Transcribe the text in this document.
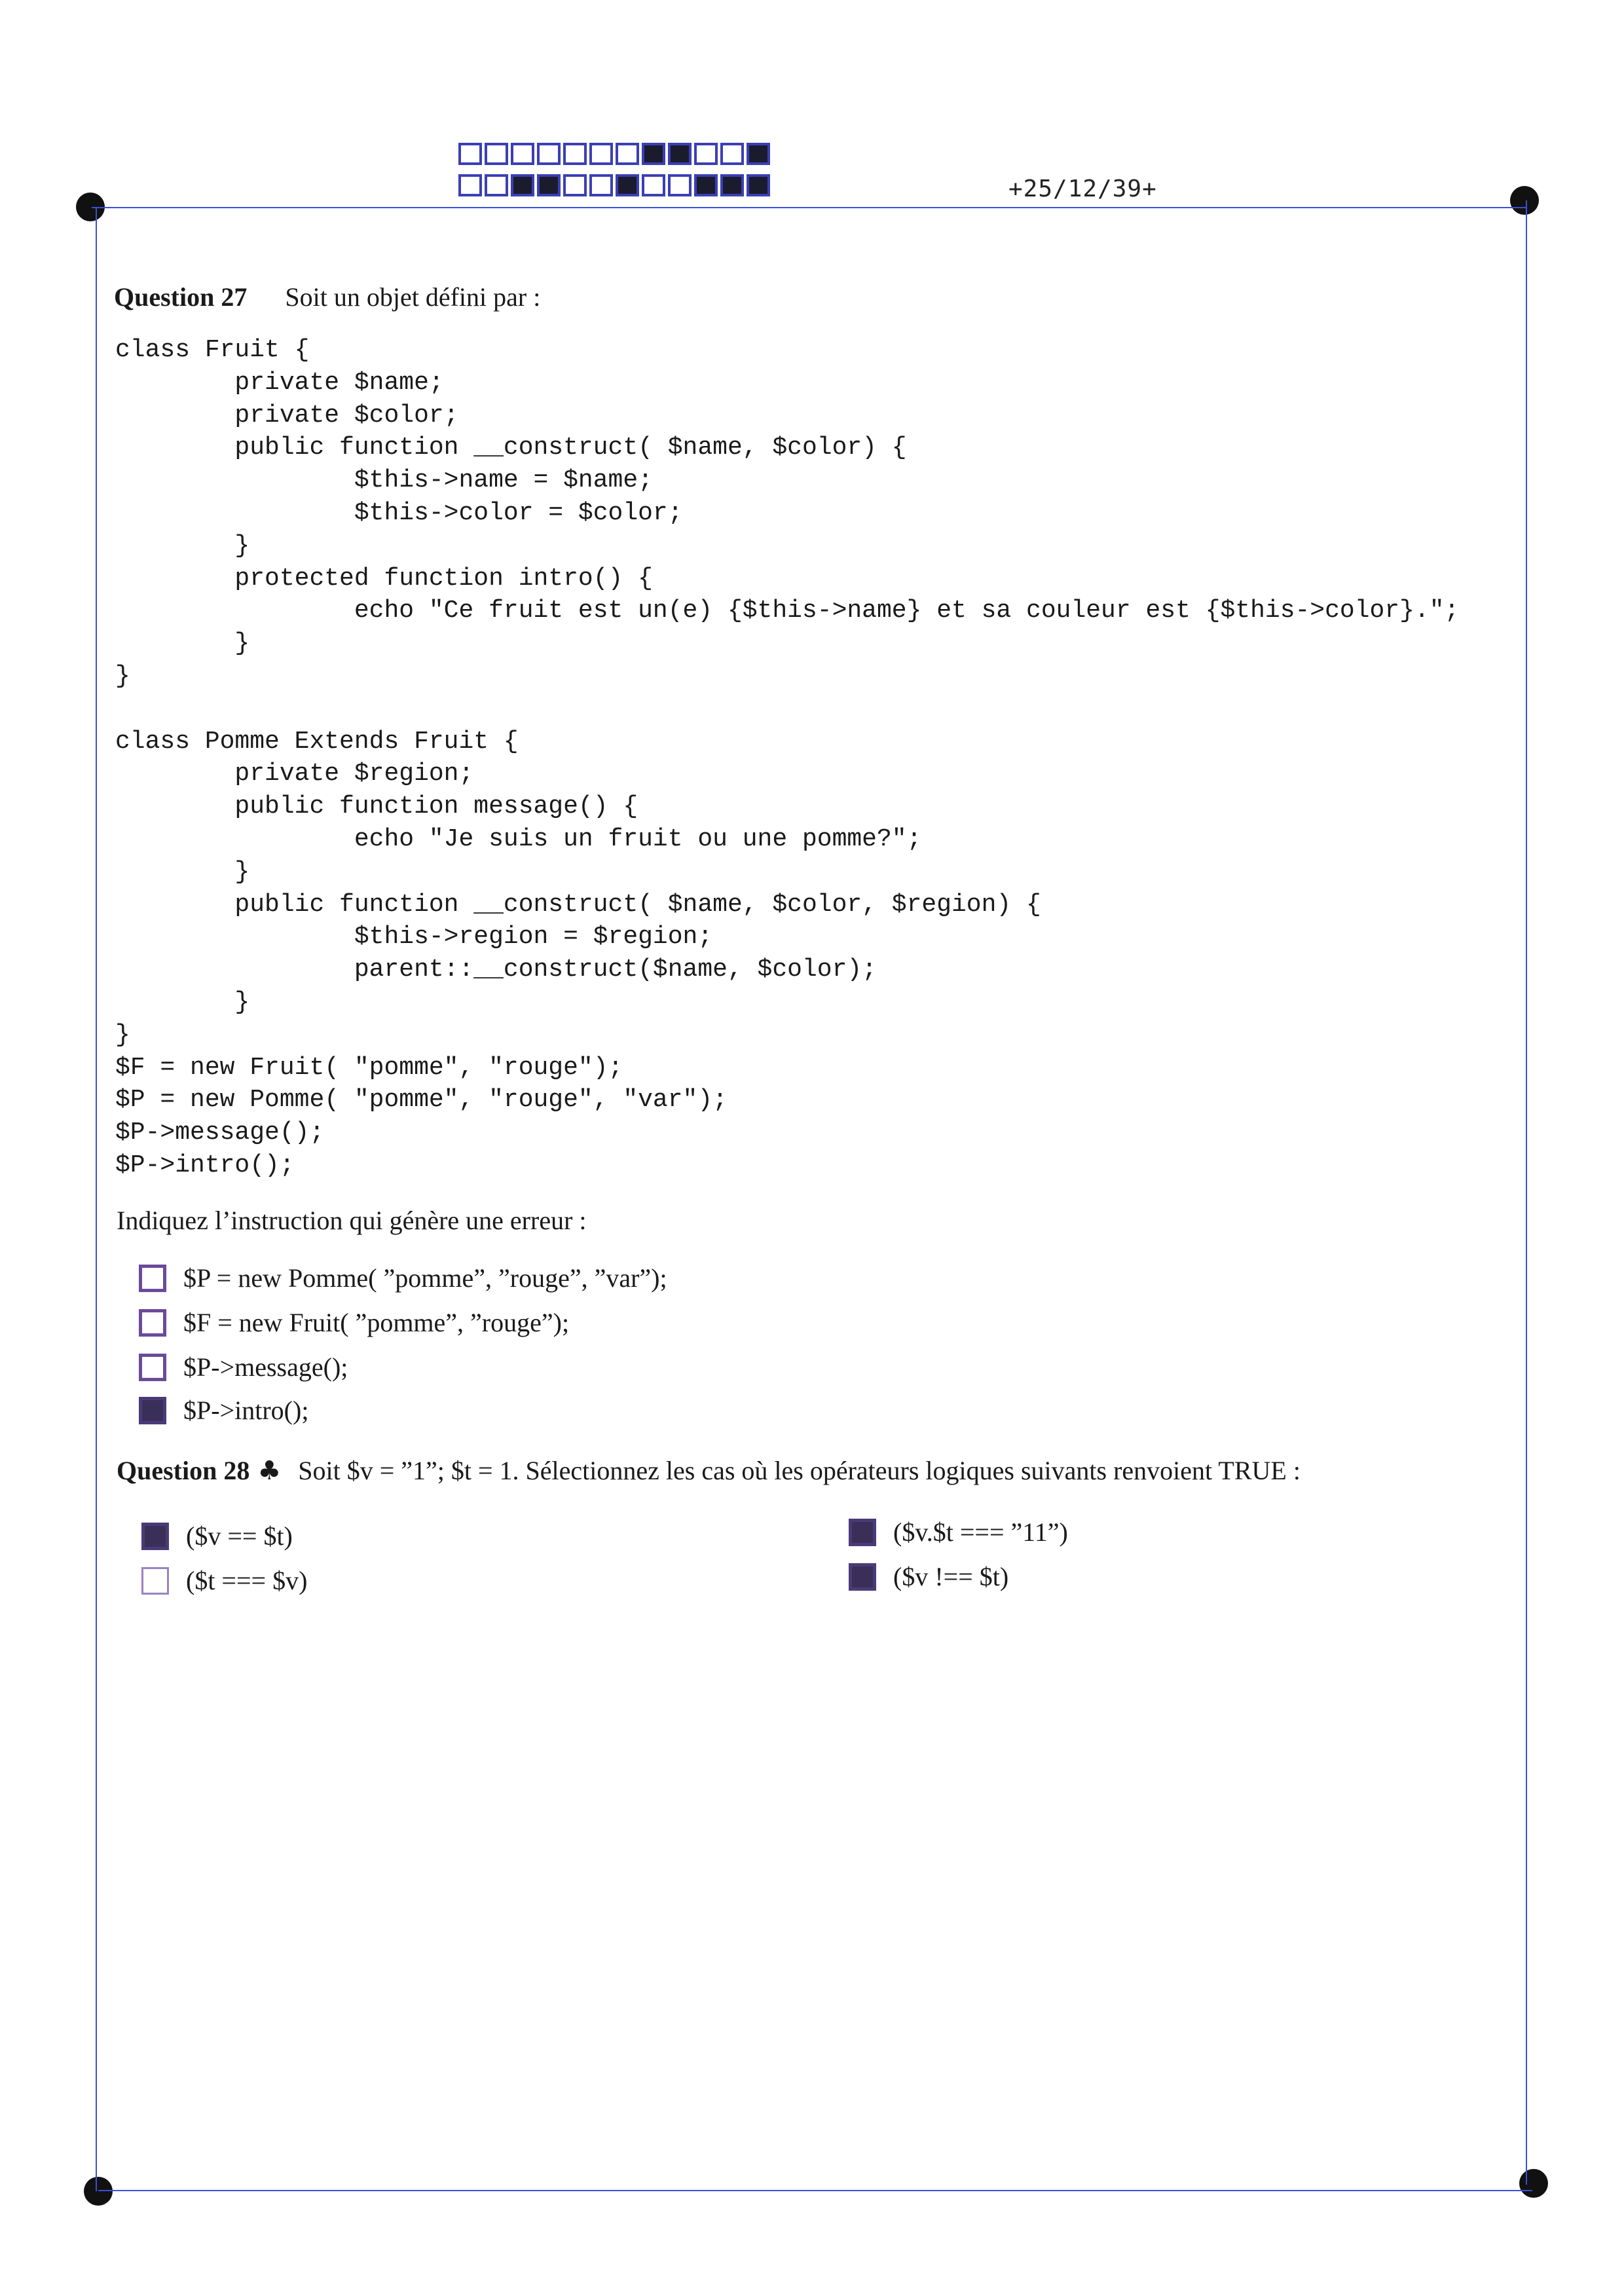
+25/12/39+
Question 27 Soit un objet défini par :
class Fruit {
private $name;
private $color;
public function __construct( $name, $color) {
$this->name = $name;
$this->color = $color;
}
protected function intro() {
echo "Ce fruit est un(e) {$this->name} et sa couleur est {$this->color}.";
}
}

class Pomme Extends Fruit {
private $region;
public function message() {
echo "Je suis un fruit ou une pomme?";
}
public function __construct( $name, $color, $region) {
$this->region = $region;
parent::__construct($name, $color);
}
}
$F = new Fruit( "pomme", "rouge");
$P = new Pomme( "pomme", "rouge", "var");
$P->message();
$P->intro();
Indiquez l’instruction qui génère une erreur :
$P = new Pomme( ”pomme”, ”rouge”, ”var”);
$F = new Fruit( ”pomme”, ”rouge”);
$P->message();
$P->intro();
Question 28 ♣ Soit $v = ”1”; $t = 1. Sélectionnez les cas où les opérateurs logiques suivants renvoient TRUE :
($v == $t)	($v.$t === ”11”)
($t === $v)	($v !== $t)
